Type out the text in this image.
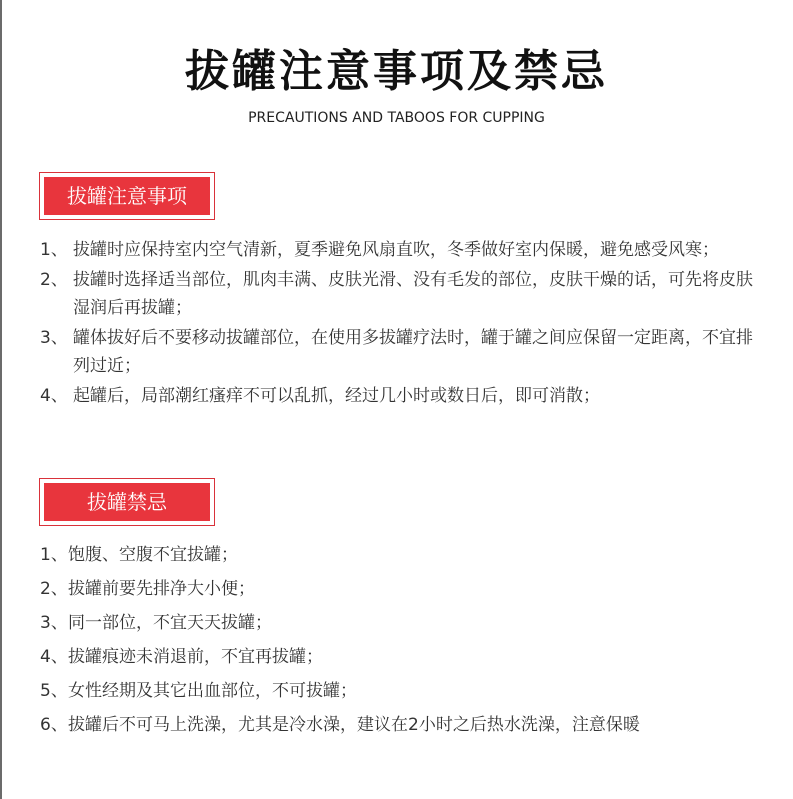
拔罐注意事项及禁忌
PRECAUTIONS AND TABOOS FOR CUPPING
拔罐注意事项
1、 拔罐时应保持室内空气清新，夏季避免风扇直吹，冬季做好室内保暖，避免感受风寒；
2、 拔罐时选择适当部位，肌肉丰满、皮肤光滑、没有毛发的部位，皮肤干燥的话，可先将皮肤湿润后再拔罐；
3、 罐体拔好后不要移动拔罐部位，在使用多拔罐疗法时，罐于罐之间应保留一定距离，不宜排列过近；
4、 起罐后，局部潮红瘙痒不可以乱抓，经过几小时或数日后，即可消散；
拔罐禁忌
1、 饱腹、空腹不宜拔罐；
2、 拔罐前要先排净大小便；
3、 同一部位，不宜天天拔罐；
4、 拔罐痕迹未消退前，不宜再拔罐；
5、 女性经期及其它出血部位，不可拔罐；
6、 拔罐后不可马上洗澡，尤其是冷水澡，建议在2小时之后热水洗澡，注意保暖
